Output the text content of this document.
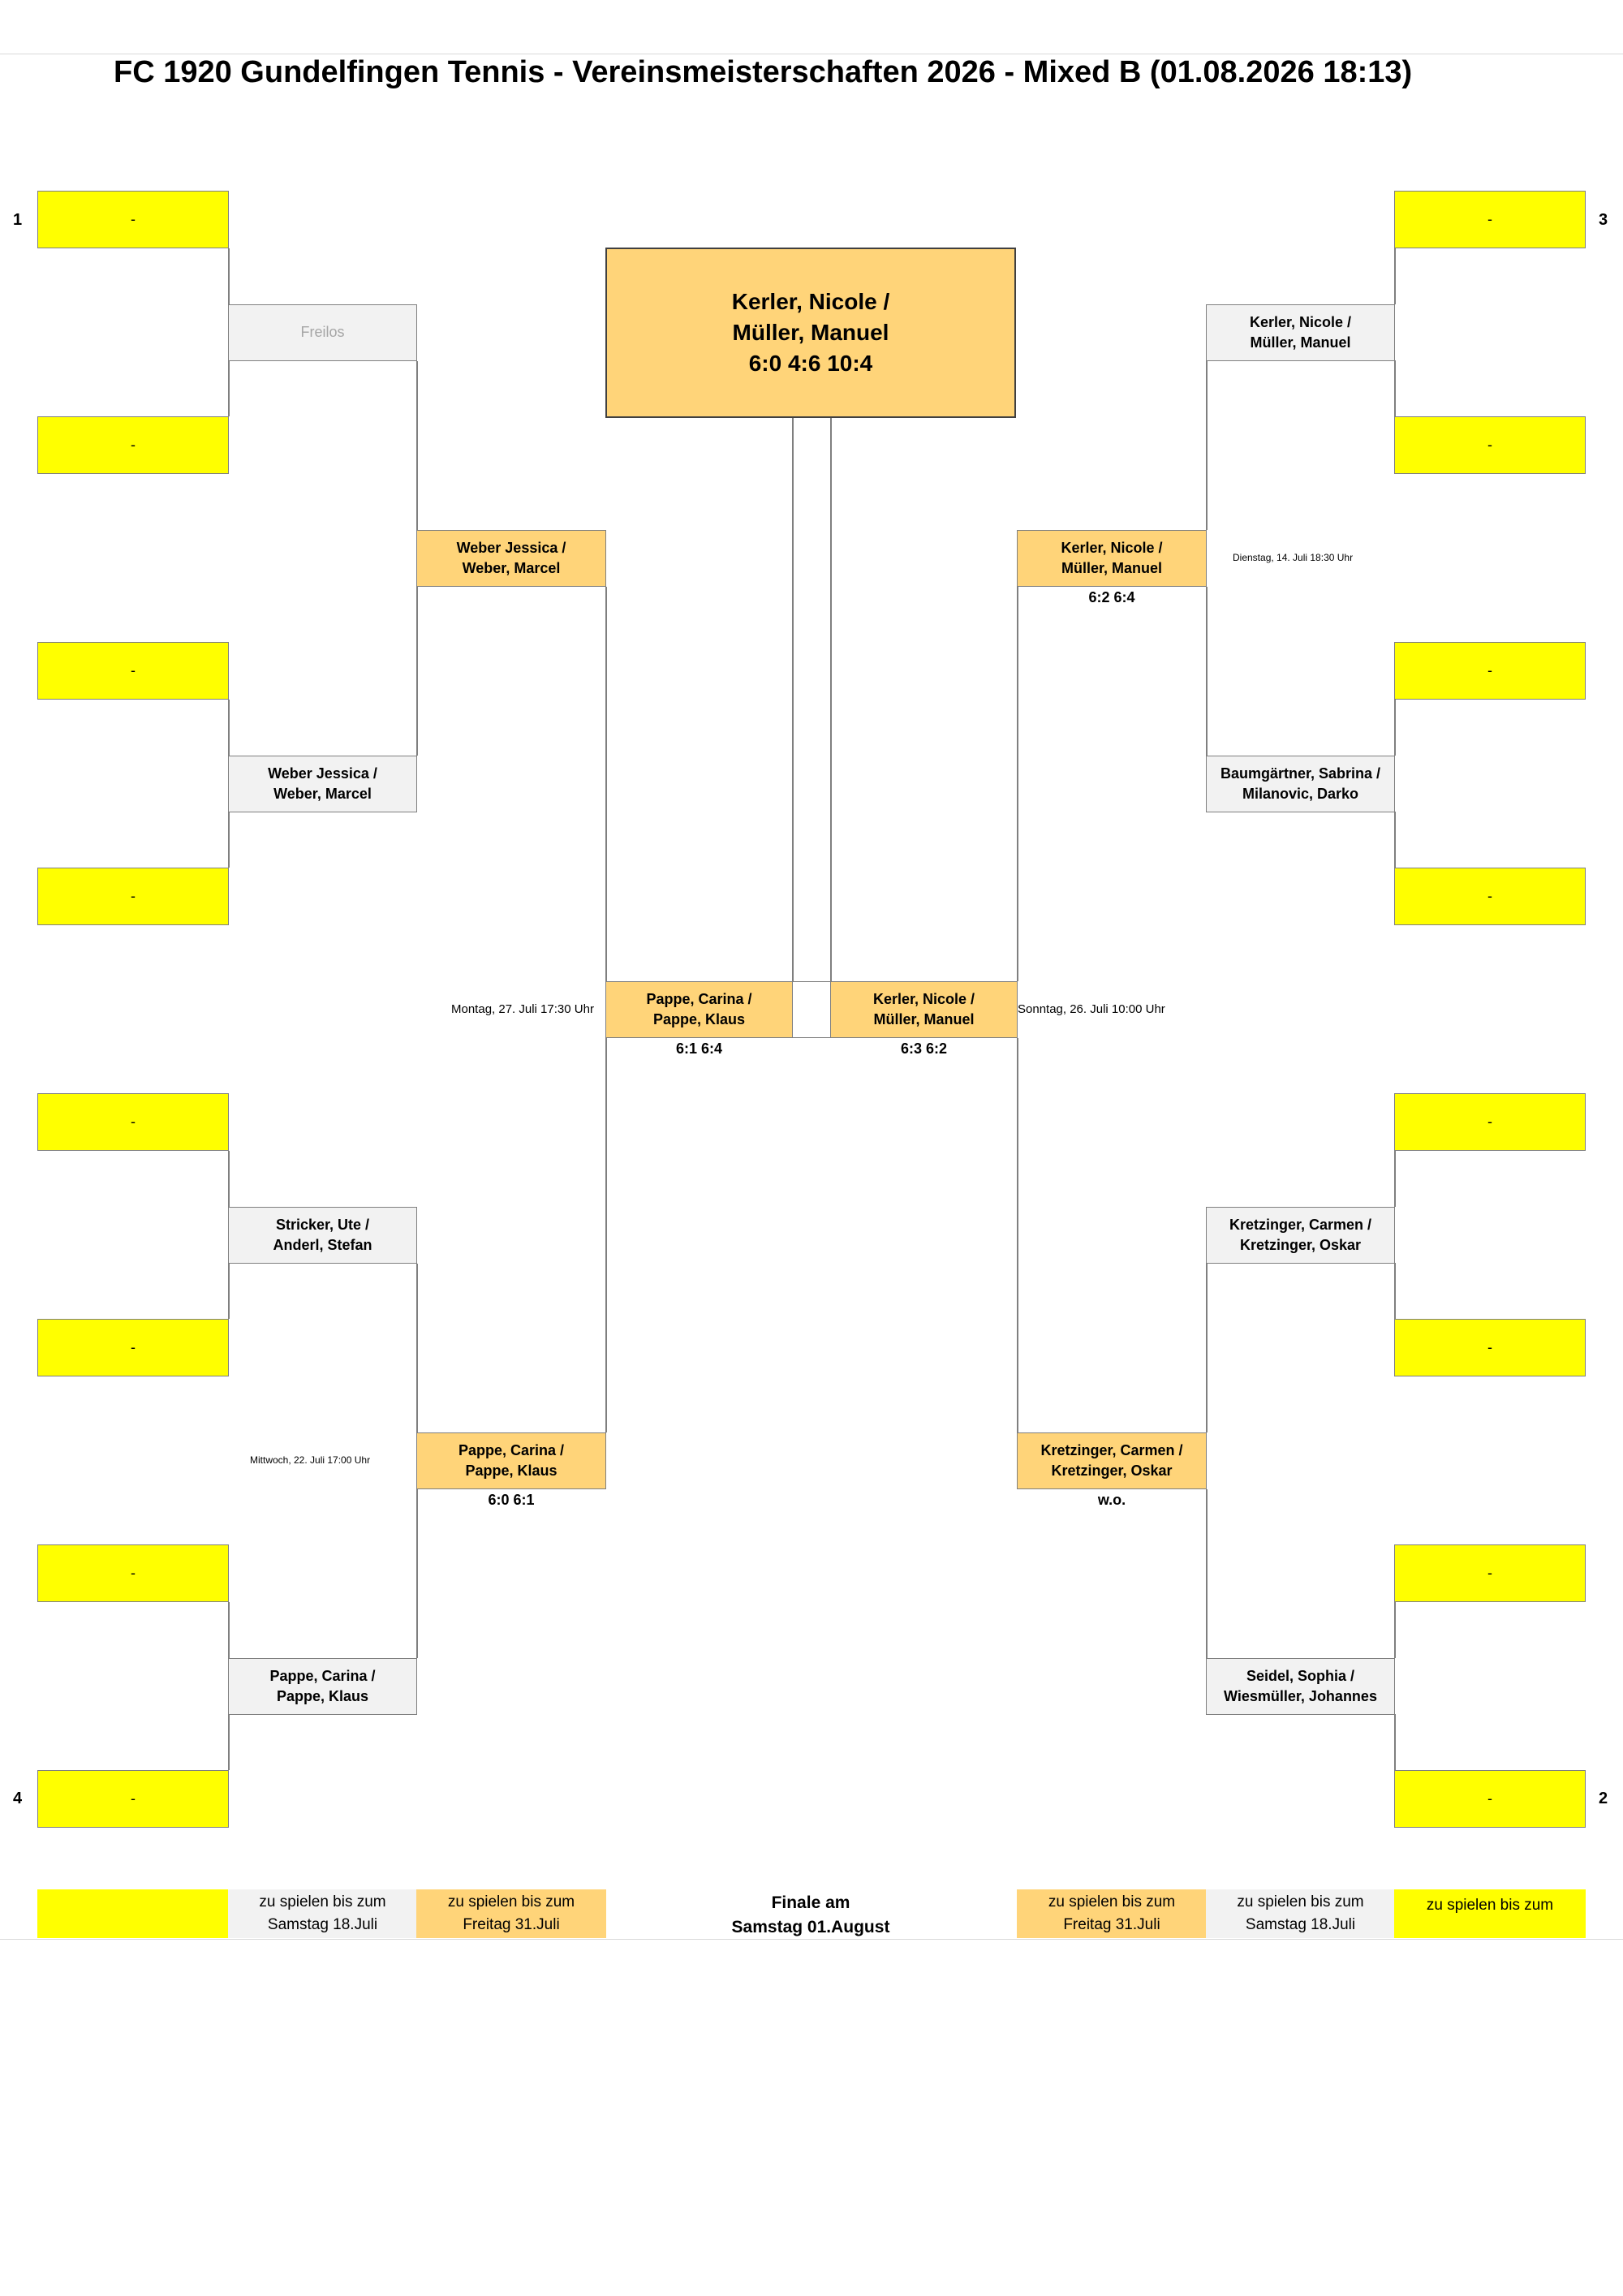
FC 1920 Gundelfingen Tennis - Vereinsmeisterschaften 2026 - Mixed B (01.08.2026 18:13)
1	3
4	2
-
-
-
-
-
-
-
-
-
-
-
-
-
-
-
-
Freilos
Weber Jessica /
Weber, Marcel
Stricker, Ute /
Anderl, Stefan
Pappe, Carina /
Pappe, Klaus
Kerler, Nicole /
Müller, Manuel
Baumgärtner, Sabrina /
Milanovic, Darko
Kretzinger, Carmen /
Kretzinger, Oskar
Seidel, Sophia /
Wiesmüller, Johannes
Weber Jessica /
Weber, Marcel
Pappe, Carina /
Pappe, Klaus
6:0 6:1
Mittwoch, 22. Juli 17:00 Uhr
Kerler, Nicole /
Müller, Manuel
6:2 6:4
Dienstag, 14. Juli 18:30 Uhr
Kretzinger, Carmen /
Kretzinger, Oskar
w.o.
Pappe, Carina /
Pappe, Klaus
Kerler, Nicole /
Müller, Manuel
6:1 6:4	6:3 6:2
Montag, 27. Juli 17:30 Uhr	Sonntag, 26. Juli 10:00 Uhr
Kerler, Nicole /
Müller, Manuel
6:0 4:6 10:4
zu spielen bis zum
Samstag 18.Juli
zu spielen bis zum
Freitag 31.Juli
Finale am
Samstag 01.August
zu spielen bis zum
Freitag 31.Juli
zu spielen bis zum
Samstag 18.Juli
zu spielen bis zum
